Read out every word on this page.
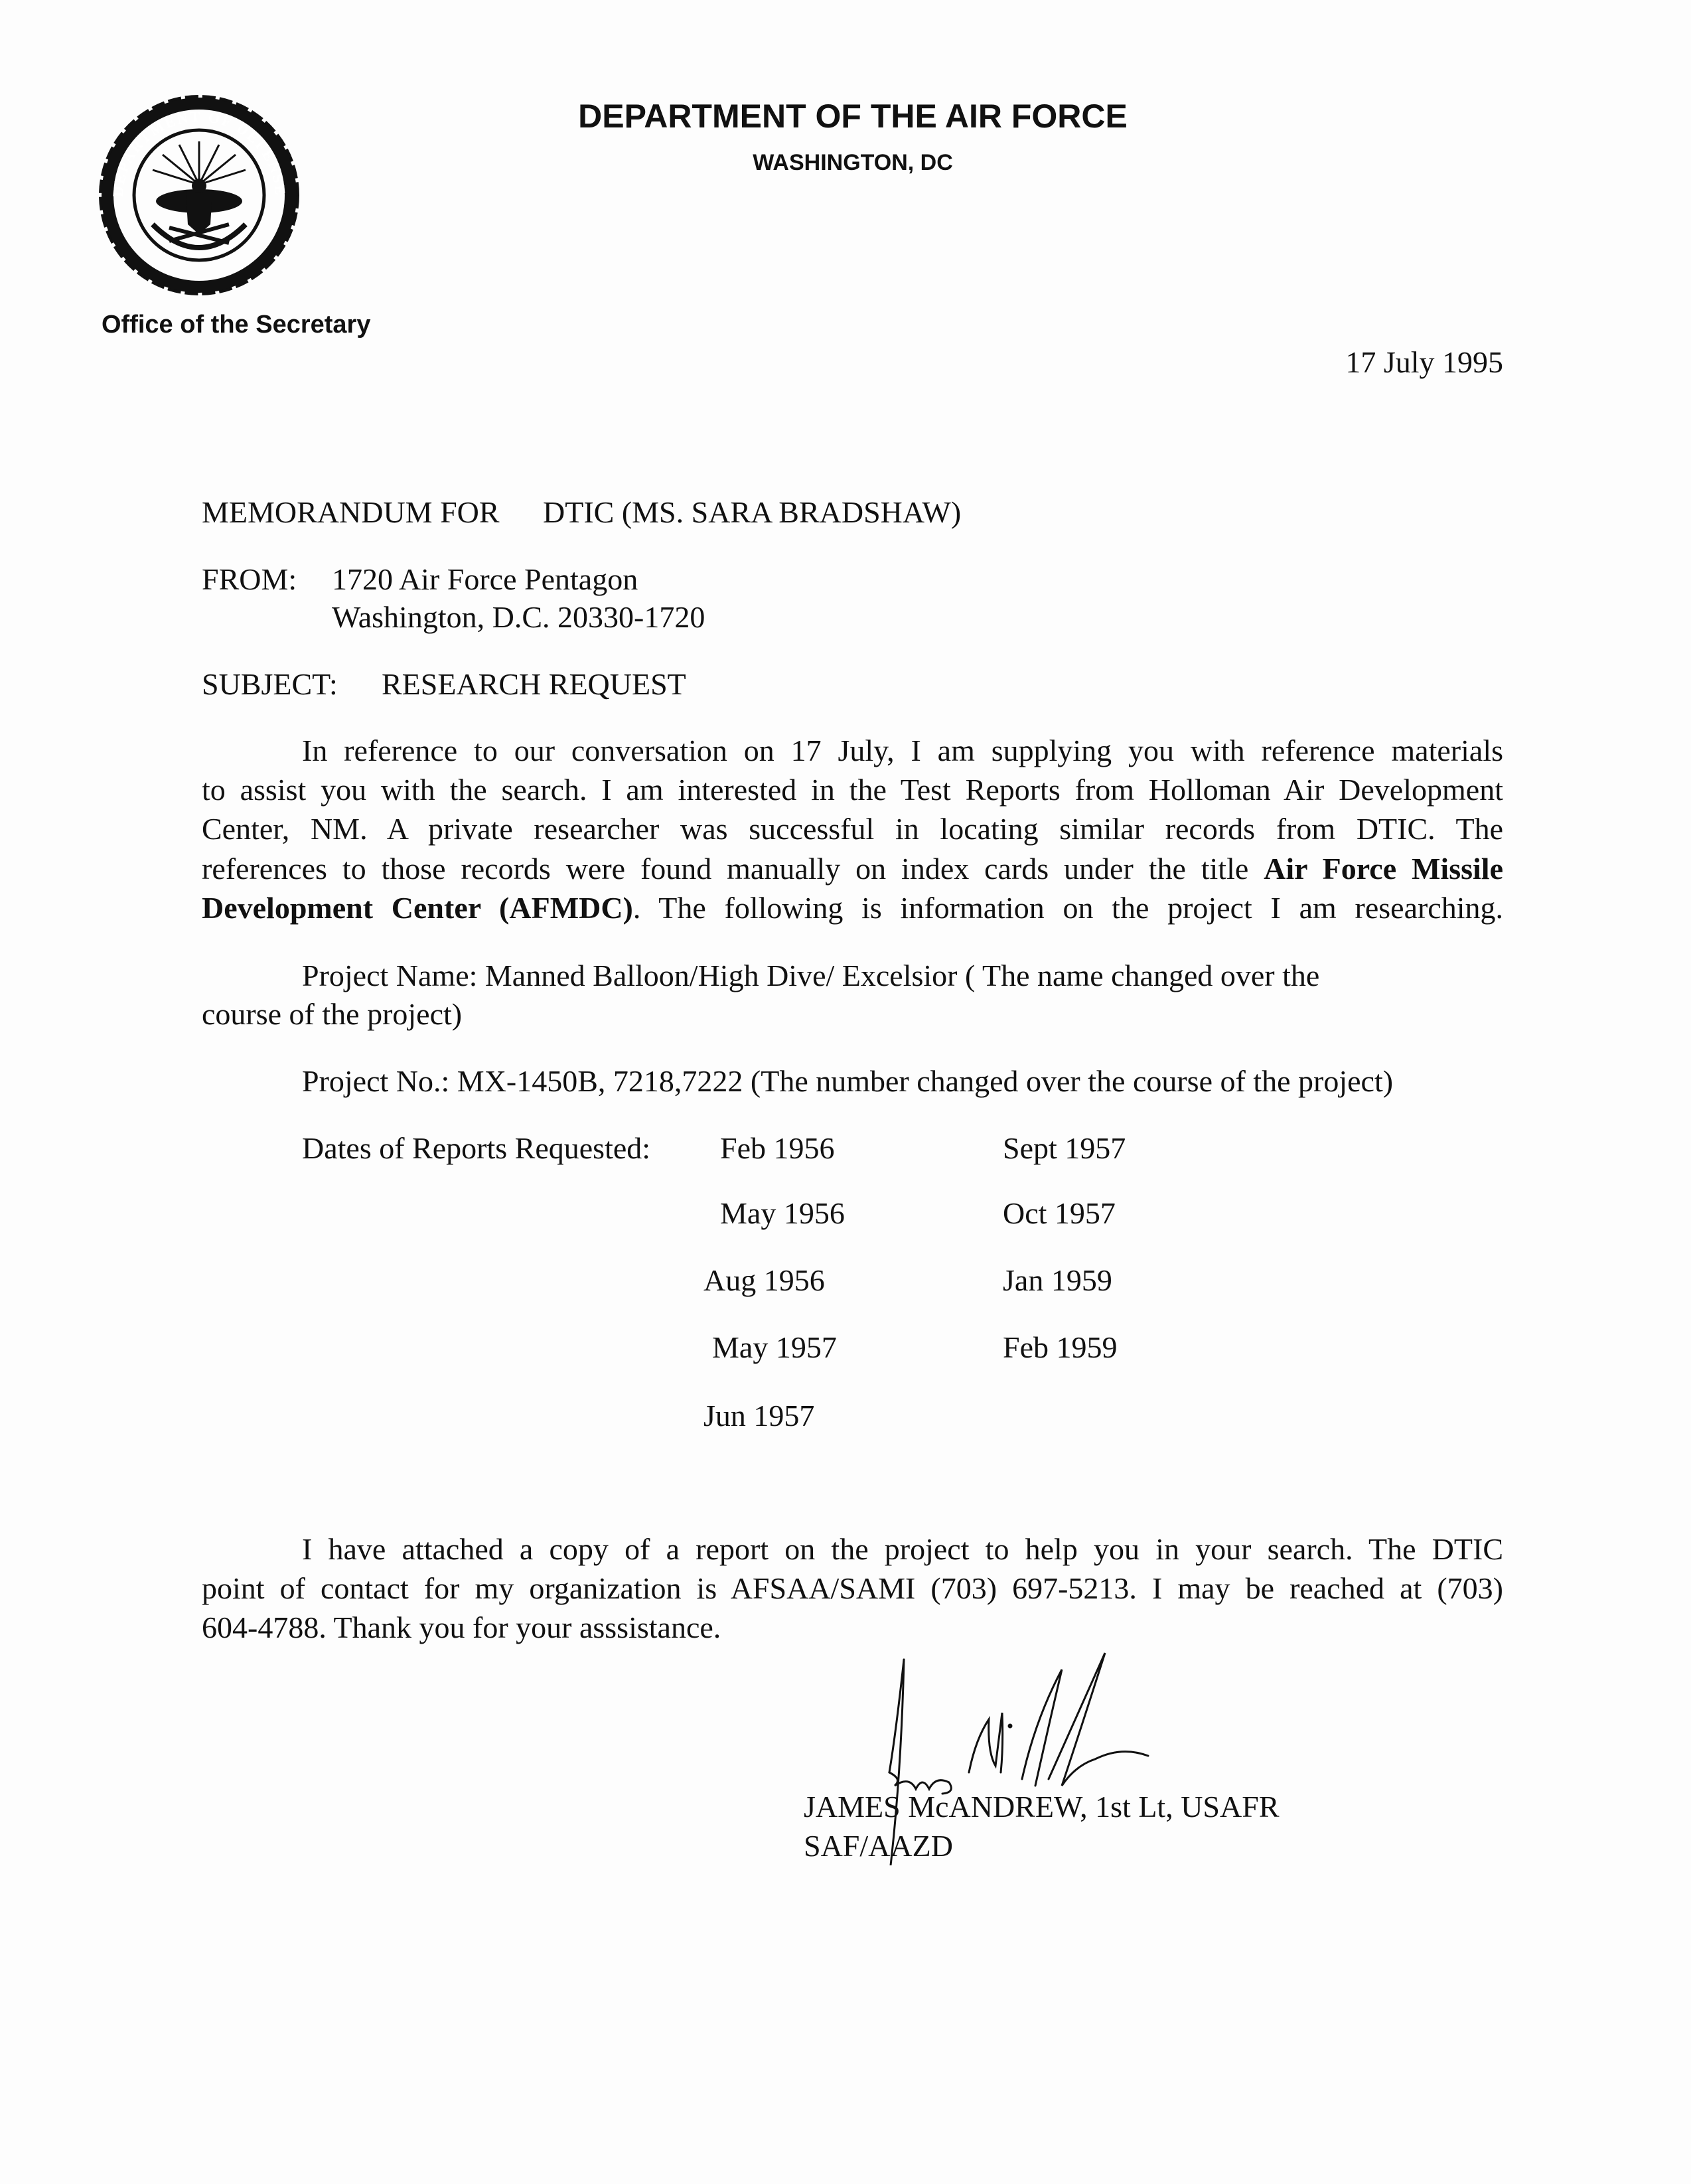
DEPARTMENT OF DEFENSE
DEPARTMENT OF THE AIR FORCE
WASHINGTON, DC
Office of the Secretary
17 July 1995
MEMORANDUM FOR DTIC (MS. SARA BRADSHAW)
FROM: 1720 Air Force Pentagon
Washington, D.C. 20330-1720
SUBJECT: RESEARCH REQUEST
In reference to our conversation on 17 July, I am supplying you with reference materials
to assist you with the search. I am interested in the Test Reports from Holloman Air Development
Center, NM. A private researcher was successful in locating similar records from DTIC. The
references to those records were found manually on index cards under the title Air Force Missile
Development Center (AFMDC). The following is information on the project I am researching.
Project Name: Manned Balloon/High Dive/ Excelsior ( The name changed over the
course of the project)
Project No.: MX-1450B, 7218,7222 (The number changed over the course of the project)
Dates of Reports Requested: Feb 1956
May 1956
Aug 1956
May 1957
Jun 1957
Sept 1957
Oct 1957
Jan 1959
Feb 1959
I have attached a copy of a report on the project to help you in your search. The DTIC
point of contact for my organization is AFSAA/SAMI (703) 697-5213. I may be reached at (703)
604-4788. Thank you for your asssistance.
JAMES McANDREW, 1st Lt, USAFR
SAF/AAZD
